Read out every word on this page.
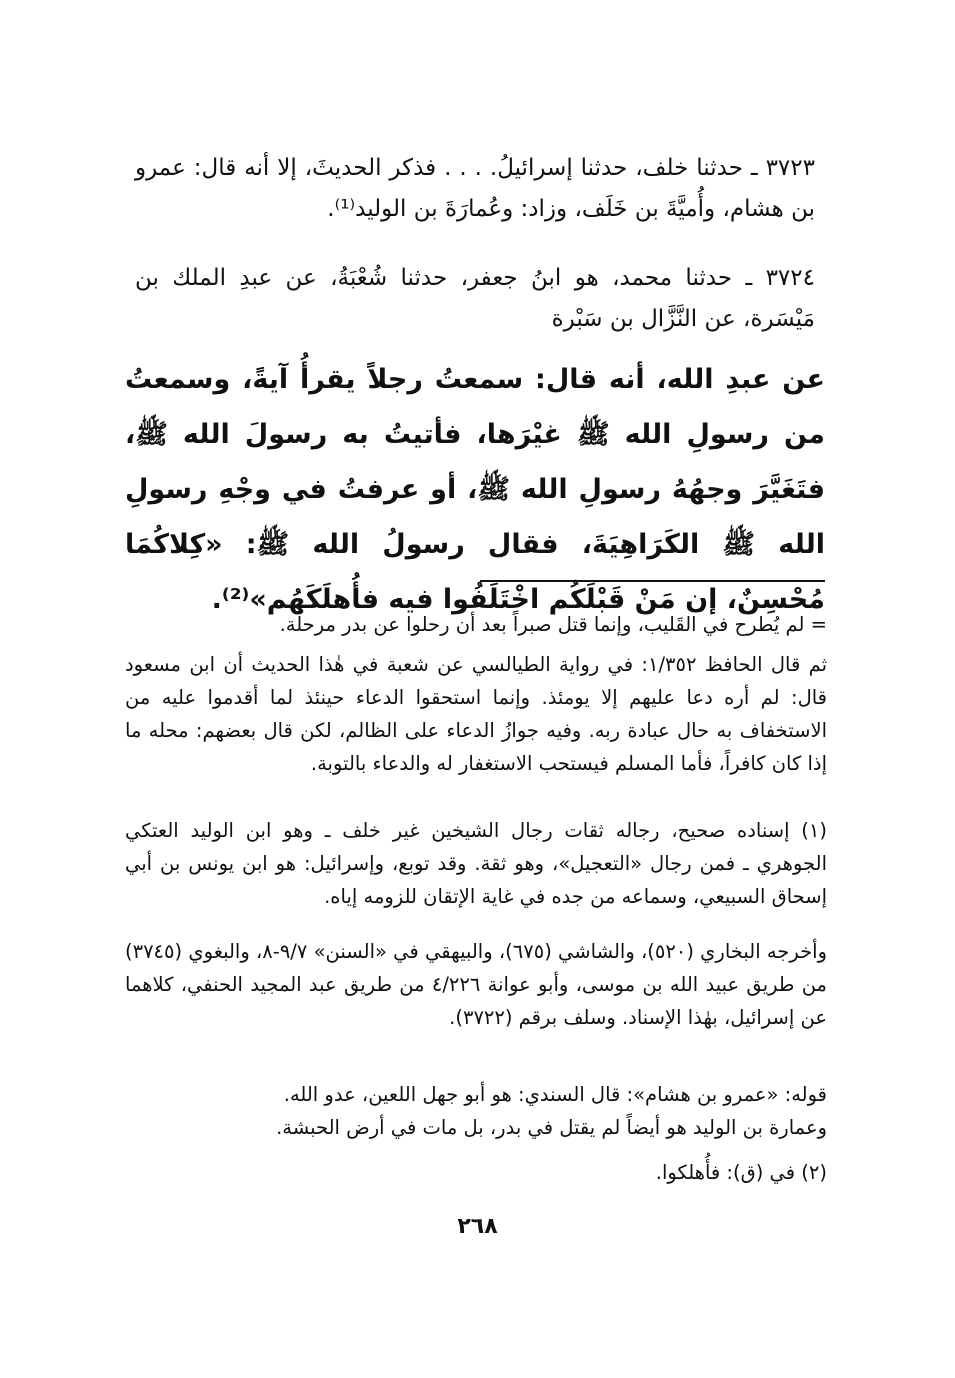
٣٧٢٣ ـ حدثنا خلف، حدثنا إسرائيلُ. . . . فذكر الحديثَ، إلا أنه قال: عمرو بن هشام، وأُميَّةَ بن خَلَف، وزاد: وعُمارَةَ بن الوليد⁽¹⁾.

٣٧٢٤ ـ حدثنا محمد، هو ابنُ جعفر، حدثنا شُعْبَةُ، عن عبدِ الملك بن مَيْسَرة، عن النَّزَّال بن سَبْرة

عن عبدِ الله، أنه قال: سمعتُ رجلاً يقرأُ آيةً، وسمعتُ من رسولِ الله ﷺ غيْرَها، فأتيتُ به رسولَ الله ﷺ، فتَغَيَّرَ وجهُهُ رسولِ الله ﷺ، أو عرفتُ في وجْهِ رسولِ الله ﷺ الكَرَاهِيَةَ، فقال رسولُ الله ﷺ: «كِلاكُمَا مُحْسِنٌ، إن مَنْ قَبْلَكُم اخْتَلَفُوا فيه فأُهلَكَهُم»⁽²⁾.

= لم يُطرح في القَليب، وإنما قتل صبراً بعد أن رحلوا عن بدر مرحلة.

ثم قال الحافظ ١/٣٥٢: في رواية الطيالسي عن شعبة في هٰذا الحديث أن ابن مسعود قال: لم أره دعا عليهم إلا يومئذ. وإنما استحقوا الدعاء حينئذ لما أقدموا عليه من الاستخفاف به حال عبادة ربه. وفيه جوازُ الدعاء على الظالم، لكن قال بعضهم: محله ما إذا كان كافراً، فأما المسلم فيستحب الاستغفار له والدعاء بالتوبة.

(١) إسناده صحيح، رجاله ثقات رجال الشيخين غير خلف ـ وهو ابن الوليد العتكي الجوهري ـ فمن رجال «التعجيل»، وهو ثقة. وقد توبع، وإسرائيل: هو ابن يونس بن أبي إسحاق السبيعي، وسماعه من جده في غاية الإتقان للزومه إياه.

وأخرجه البخاري (٥٢٠)، والشاشي (٦٧٥)، والبيهقي في «السنن» ٩/٧-٨، والبغوي (٣٧٤٥) من طريق عبيد الله بن موسى، وأبو عوانة ٤/٢٢٦ من طريق عبد المجيد الحنفي، كلاهما عن إسرائيل، بهٰذا الإسناد. وسلف برقم (٣٧٢٢).

قوله: «عمرو بن هشام»: قال السندي: هو أبو جهل اللعين، عدو الله.

وعمارة بن الوليد هو أيضاً لم يقتل في بدر، بل مات في أرض الحبشة.

(٢) في (ق): فأُهلكوا.

٢٦٨
